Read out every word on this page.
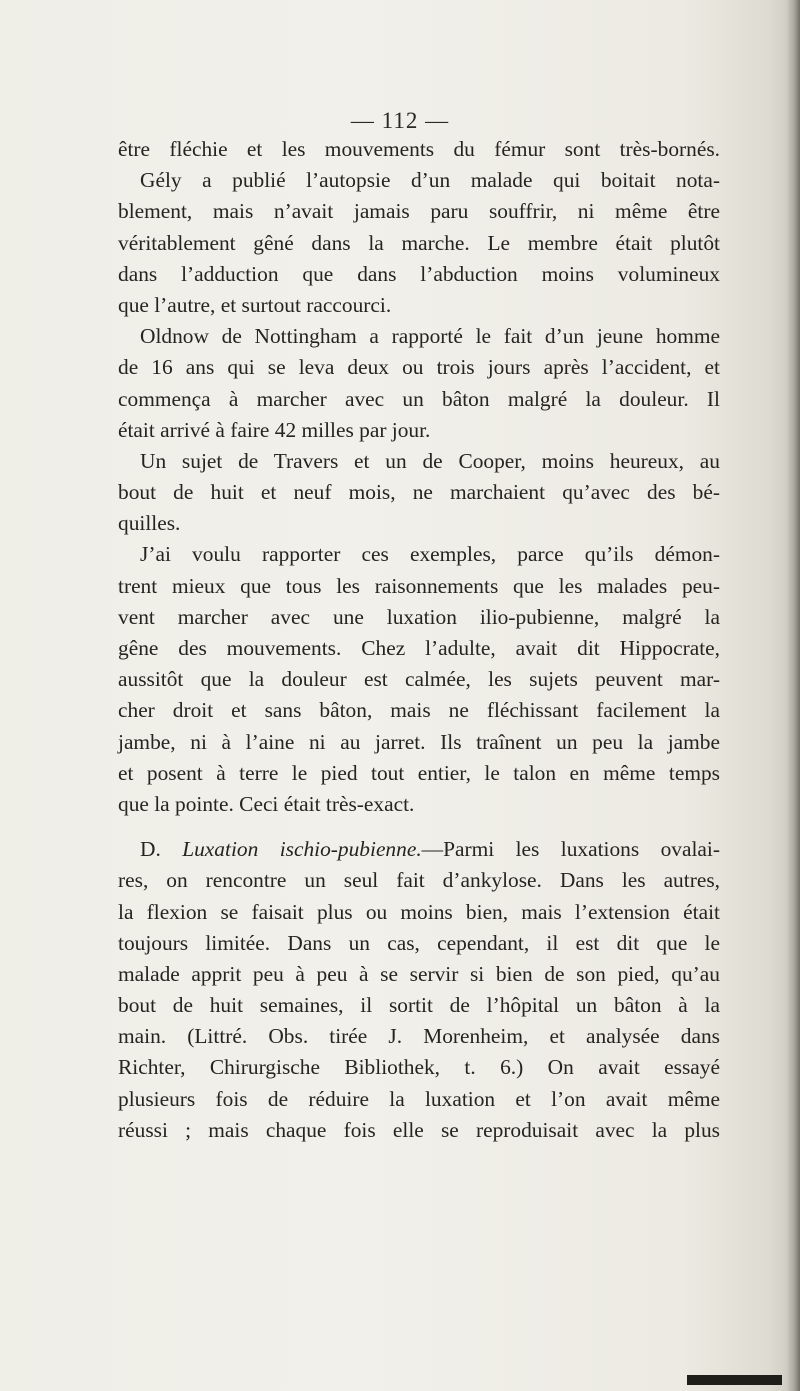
— 112 —
être fléchie et les mouvements du fémur sont très-bornés.
Gély a publié l’autopsie d’un malade qui boitait nota-
blement, mais n’avait jamais paru souffrir, ni même être
véritablement gêné dans la marche. Le membre était plutôt
dans l’adduction que dans l’abduction moins volumineux
que l’autre, et surtout raccourci.
Oldnow de Nottingham a rapporté le fait d’un jeune homme
de 16 ans qui se leva deux ou trois jours après l’accident, et
commença à marcher avec un bâton malgré la douleur. Il
était arrivé à faire 42 milles par jour.
Un sujet de Travers et un de Cooper, moins heureux, au
bout de huit et neuf mois, ne marchaient qu’avec des bé-
quilles.
J’ai voulu rapporter ces exemples, parce qu’ils démon-
trent mieux que tous les raisonnements que les malades peu-
vent marcher avec une luxation ilio-pubienne, malgré la
gêne des mouvements. Chez l’adulte, avait dit Hippocrate,
aussitôt que la douleur est calmée, les sujets peuvent mar-
cher droit et sans bâton, mais ne fléchissant facilement la
jambe, ni à l’aine ni au jarret. Ils traînent un peu la jambe
et posent à terre le pied tout entier, le talon en même temps
que la pointe. Ceci était très-exact.
D. Luxation ischio-pubienne.—Parmi les luxations ovalai-
res, on rencontre un seul fait d’ankylose. Dans les autres,
la flexion se faisait plus ou moins bien, mais l’extension était
toujours limitée. Dans un cas, cependant, il est dit que le
malade apprit peu à peu à se servir si bien de son pied, qu’au
bout de huit semaines, il sortit de l’hôpital un bâton à la
main. (Littré. Obs. tirée J. Morenheim, et analysée dans
Richter, Chirurgische Bibliothek, t. 6.) On avait essayé
plusieurs fois de réduire la luxation et l’on avait même
réussi ; mais chaque fois elle se reproduisait avec la plus
